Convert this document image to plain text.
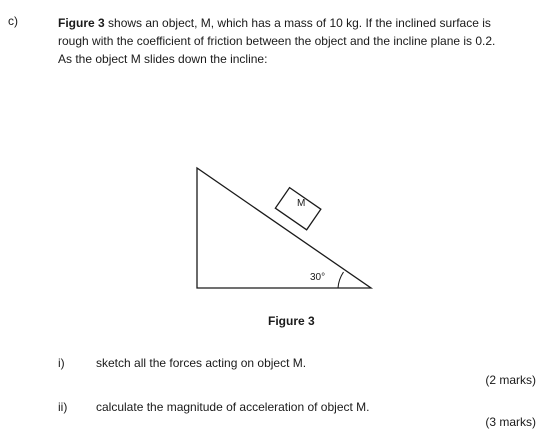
c)	Figure 3 shows an object, M, which has a mass of 10 kg. If the inclined surface is
rough with the coefficient of friction between the object and the incline plane is 0.2.
As the object M slides down the incline:

M
30°
Figure 3
i)	sketch all the forces acting on object M.
(2 marks)
ii) calculate the magnitude of acceleration of object M.
(3 marks)
